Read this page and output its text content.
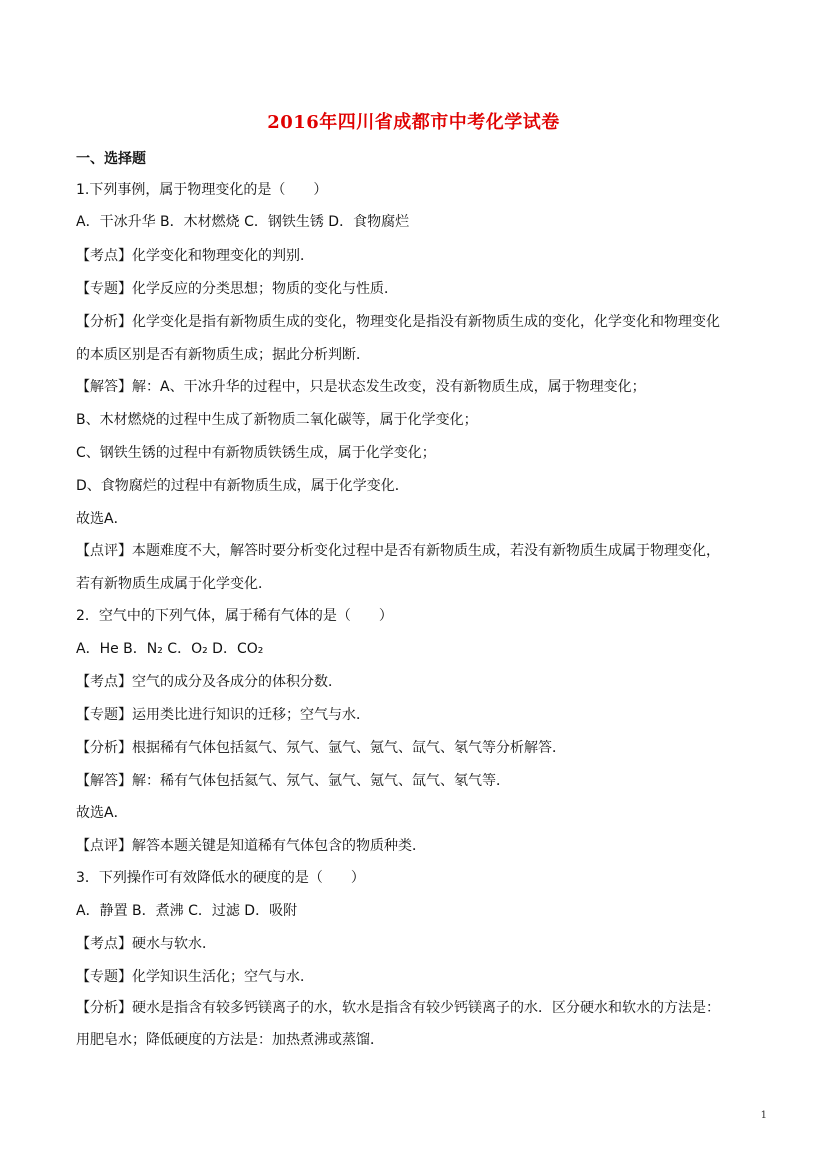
2016年四川省成都市中考化学试卷
一、选择题
1.下列事例，属于物理变化的是（　　）
A．干冰升华 B．木材燃烧 C．钢铁生锈 D．食物腐烂
【考点】化学变化和物理变化的判别．
【专题】化学反应的分类思想；物质的变化与性质．
【分析】化学变化是指有新物质生成的变化，物理变化是指没有新物质生成的变化，化学变化和物理变化
的本质区别是否有新物质生成；据此分析判断．
【解答】解：A、干冰升华的过程中，只是状态发生改变，没有新物质生成，属于物理变化；
B、木材燃烧的过程中生成了新物质二氧化碳等，属于化学变化；
C、钢铁生锈的过程中有新物质铁锈生成，属于化学变化；
D、食物腐烂的过程中有新物质生成，属于化学变化．
故选A．
【点评】本题难度不大，解答时要分析变化过程中是否有新物质生成，若没有新物质生成属于物理变化，
若有新物质生成属于化学变化．
2．空气中的下列气体，属于稀有气体的是（　　）
A．He B．N₂ C．O₂ D．CO₂
【考点】空气的成分及各成分的体积分数．
【专题】运用类比进行知识的迁移；空气与水．
【分析】根据稀有气体包括氦气、氖气、氩气、氪气、氙气、氡气等分析解答．
【解答】解：稀有气体包括氦气、氖气、氩气、氪气、氙气、氡气等．
故选A．
【点评】解答本题关键是知道稀有气体包含的物质种类．
3．下列操作可有效降低水的硬度的是（　　）
A．静置 B．煮沸 C．过滤 D．吸附
【考点】硬水与软水．
【专题】化学知识生活化；空气与水．
【分析】硬水是指含有较多钙镁离子的水，软水是指含有较少钙镁离子的水．区分硬水和软水的方法是：
用肥皂水；降低硬度的方法是：加热煮沸或蒸馏．
1
